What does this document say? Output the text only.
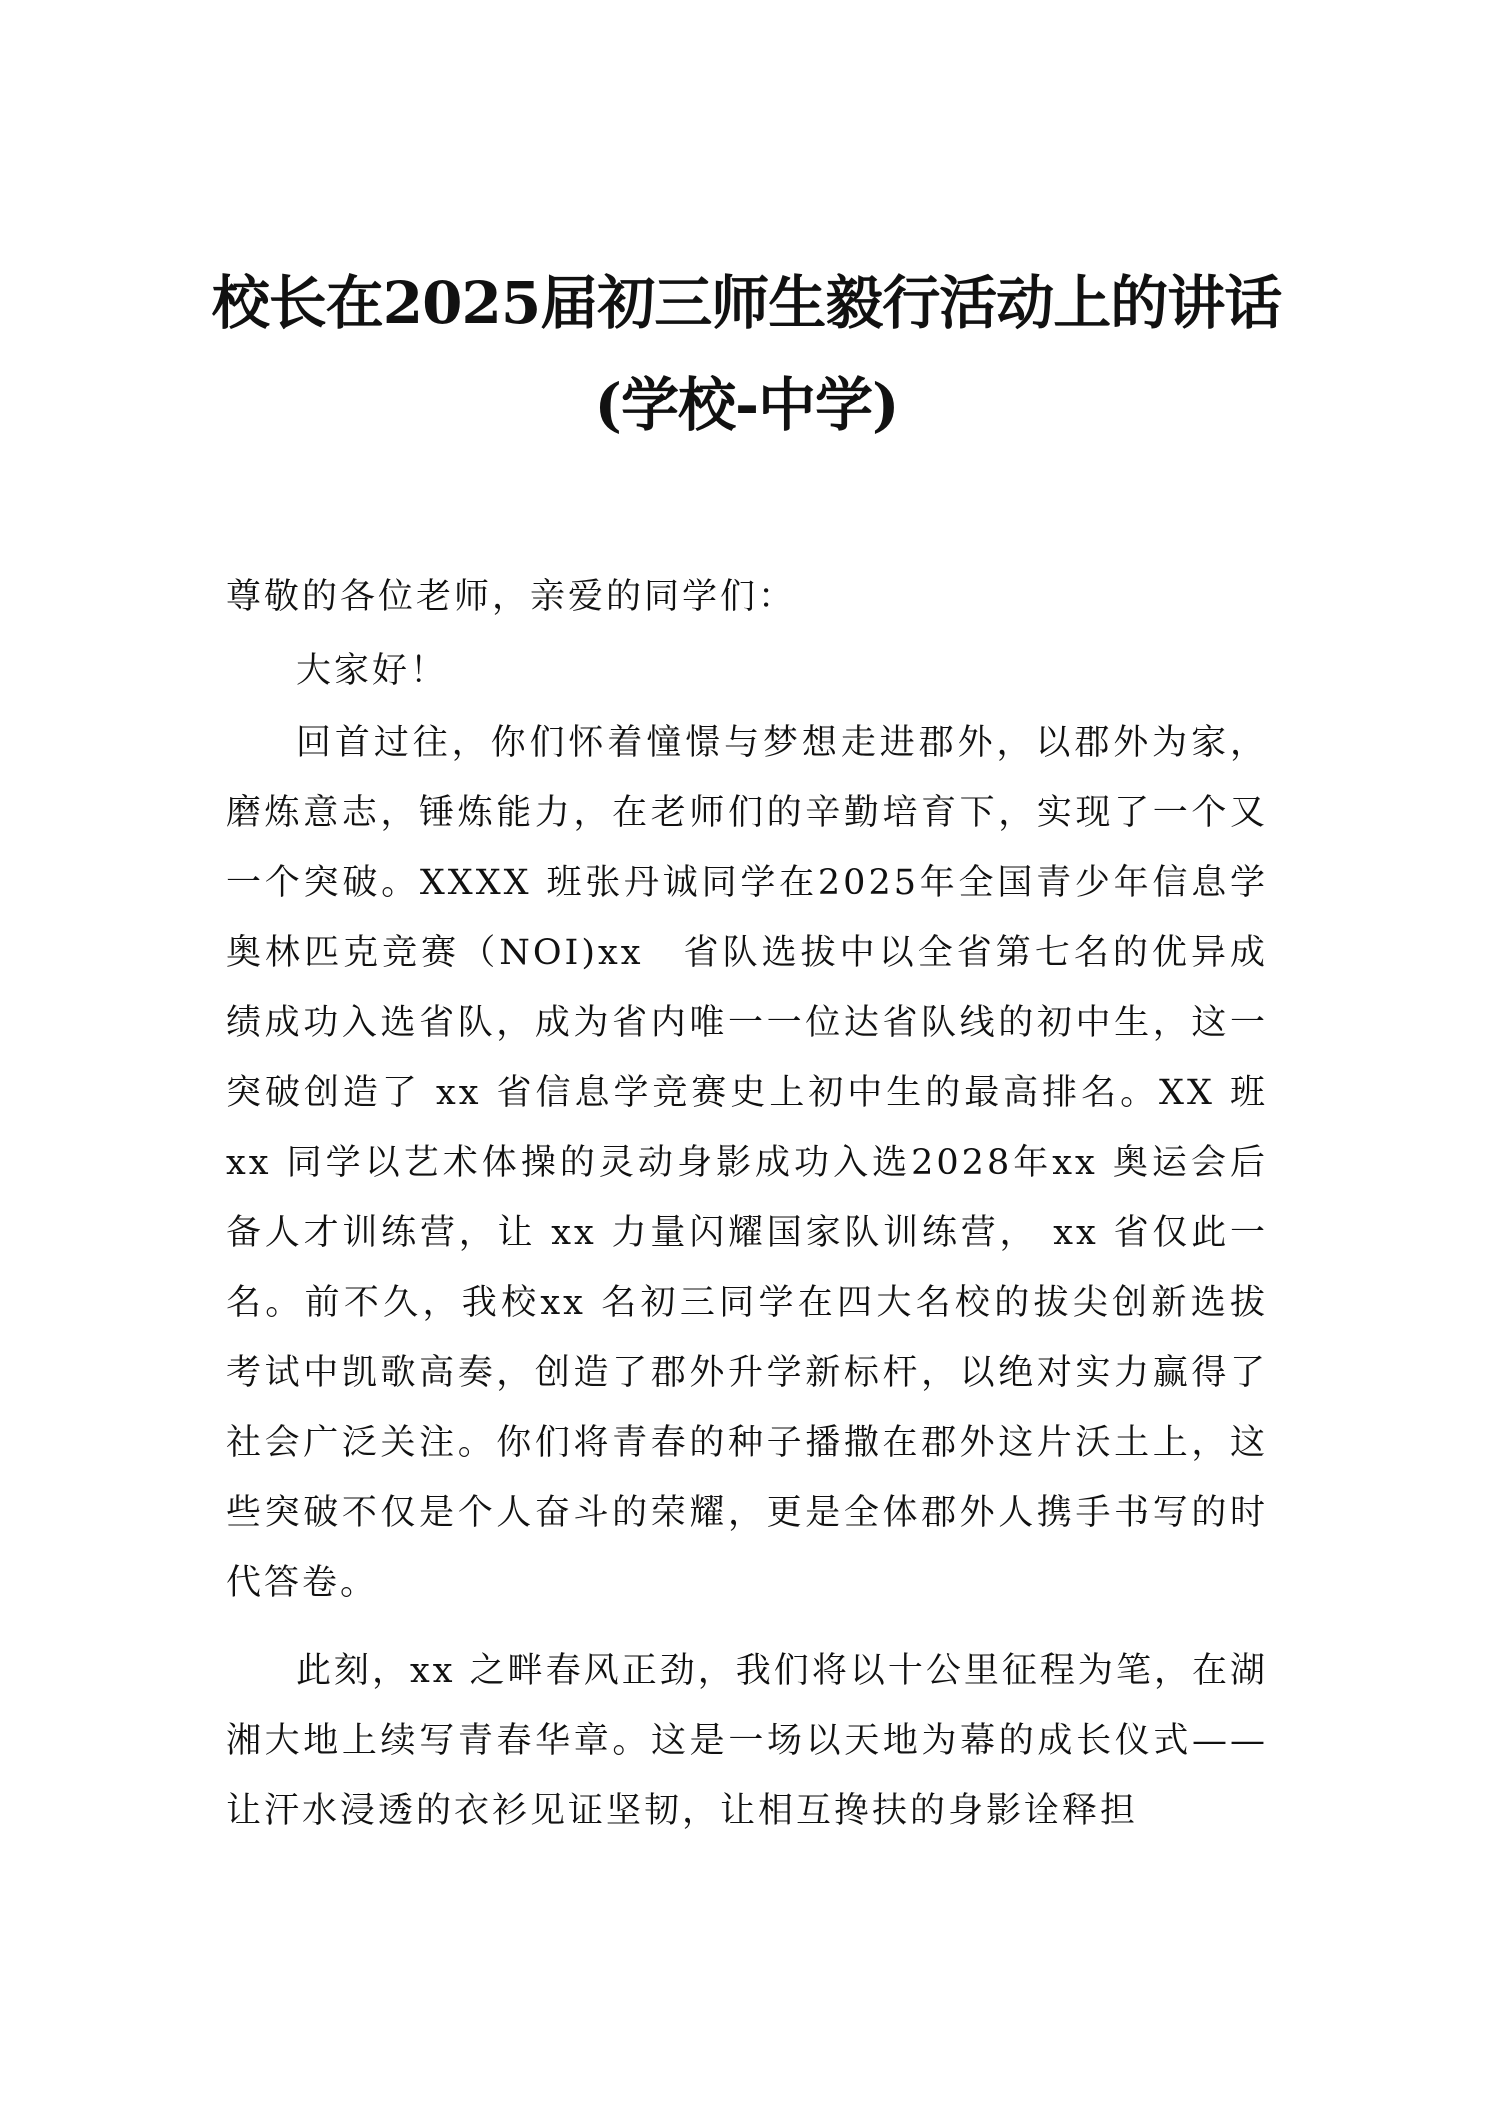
校长在2025届初三师生毅行活动上的讲话
(学校-中学)

尊敬的各位老师，亲爱的同学们：

大家好！

回首过往，你们怀着憧憬与梦想走进郡外，以郡外为家，磨炼意志，锤炼能力，在老师们的辛勤培育下，实现了一个又一个突破。XXXX 班张丹诚同学在2025年全国青少年信息学奥林匹克竞赛（NOI)xx　省队选拔中以全省第七名的优异成绩成功入选省队，成为省内唯一一位达省队线的初中生，这一突破创造了 xx 省信息学竞赛史上初中生的最高排名。XX 班 xx 同学以艺术体操的灵动身影成功入选2028年xx 奥运会后备人才训练营，让 xx 力量闪耀国家队训练营， xx 省仅此一名。前不久，我校xx 名初三同学在四大名校的拔尖创新选拔考试中凯歌高奏，创造了郡外升学新标杆，以绝对实力赢得了社会广泛关注。你们将青春的种子播撒在郡外这片沃土上，这些突破不仅是个人奋斗的荣耀，更是全体郡外人携手书写的时代答卷。

此刻，xx 之畔春风正劲，我们将以十公里征程为笔，在湖湘大地上续写青春华章。这是一场以天地为幕的成长仪式——让汗水浸透的衣衫见证坚韧，让相互搀扶的身影诠释担
